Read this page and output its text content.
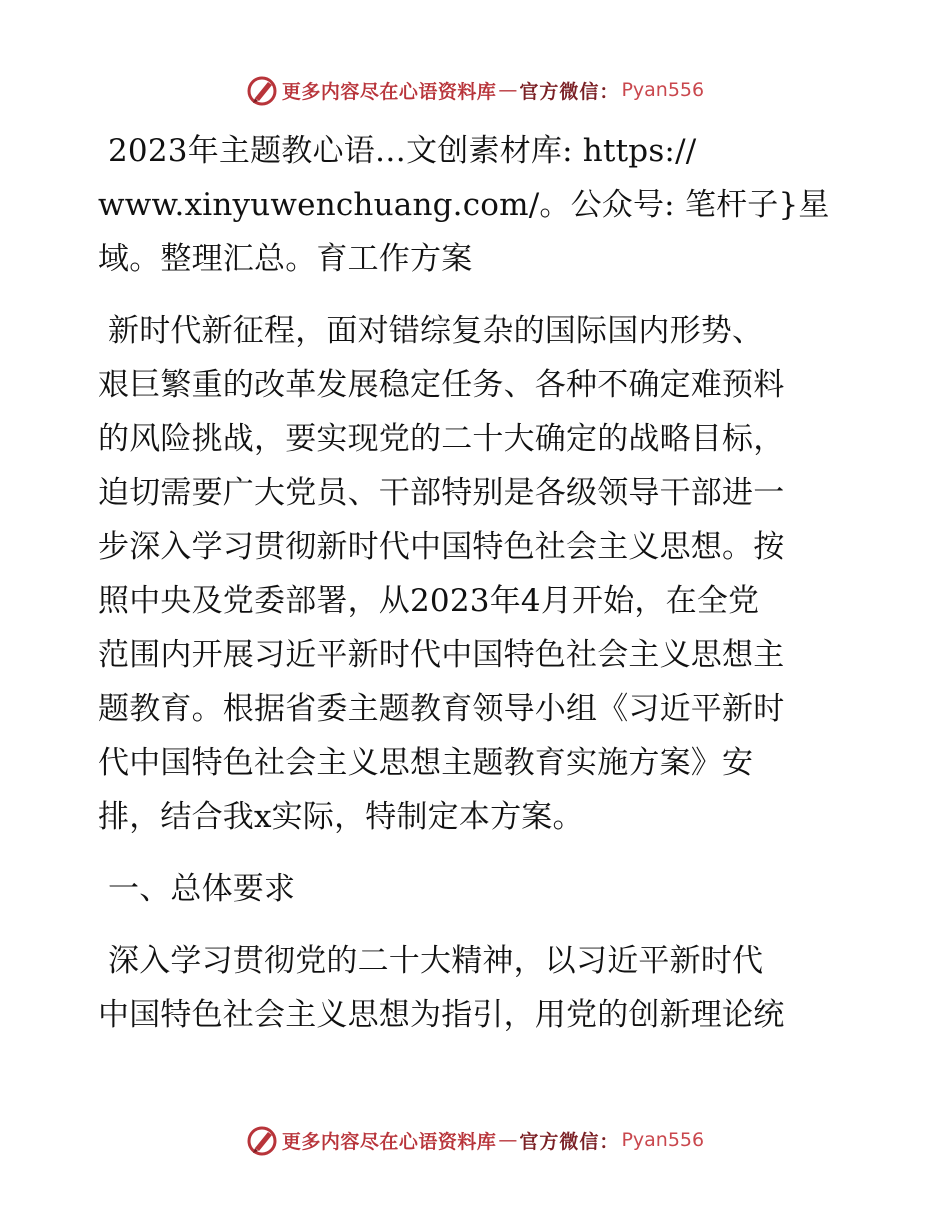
更多内容尽在心语资料库 — 官方微信： Pyan556

2023年主题教心语…文创素材库: https://
www.xinyuwenchuang.com/。公众号: 笔杆子}星
域。整理汇总。育工作方案

新时代新征程，面对错综复杂的国际国内形势、
艰巨繁重的改革发展稳定任务、各种不确定难预料
的风险挑战，要实现党的二十大确定的战略目标，
迫切需要广大党员、干部特别是各级领导干部进一
步深入学习贯彻新时代中国特色社会主义思想。按
照中央及党委部署，从2023年4月开始，在全党
范围内开展习近平新时代中国特色社会主义思想主
题教育。根据省委主题教育领导小组《习近平新时
代中国特色社会主义思想主题教育实施方案》安
排，结合我x实际，特制定本方案。

一、总体要求

深入学习贯彻党的二十大精神，以习近平新时代
中国特色社会主义思想为指引，用党的创新理论统

更多内容尽在心语资料库 — 官方微信： Pyan556
